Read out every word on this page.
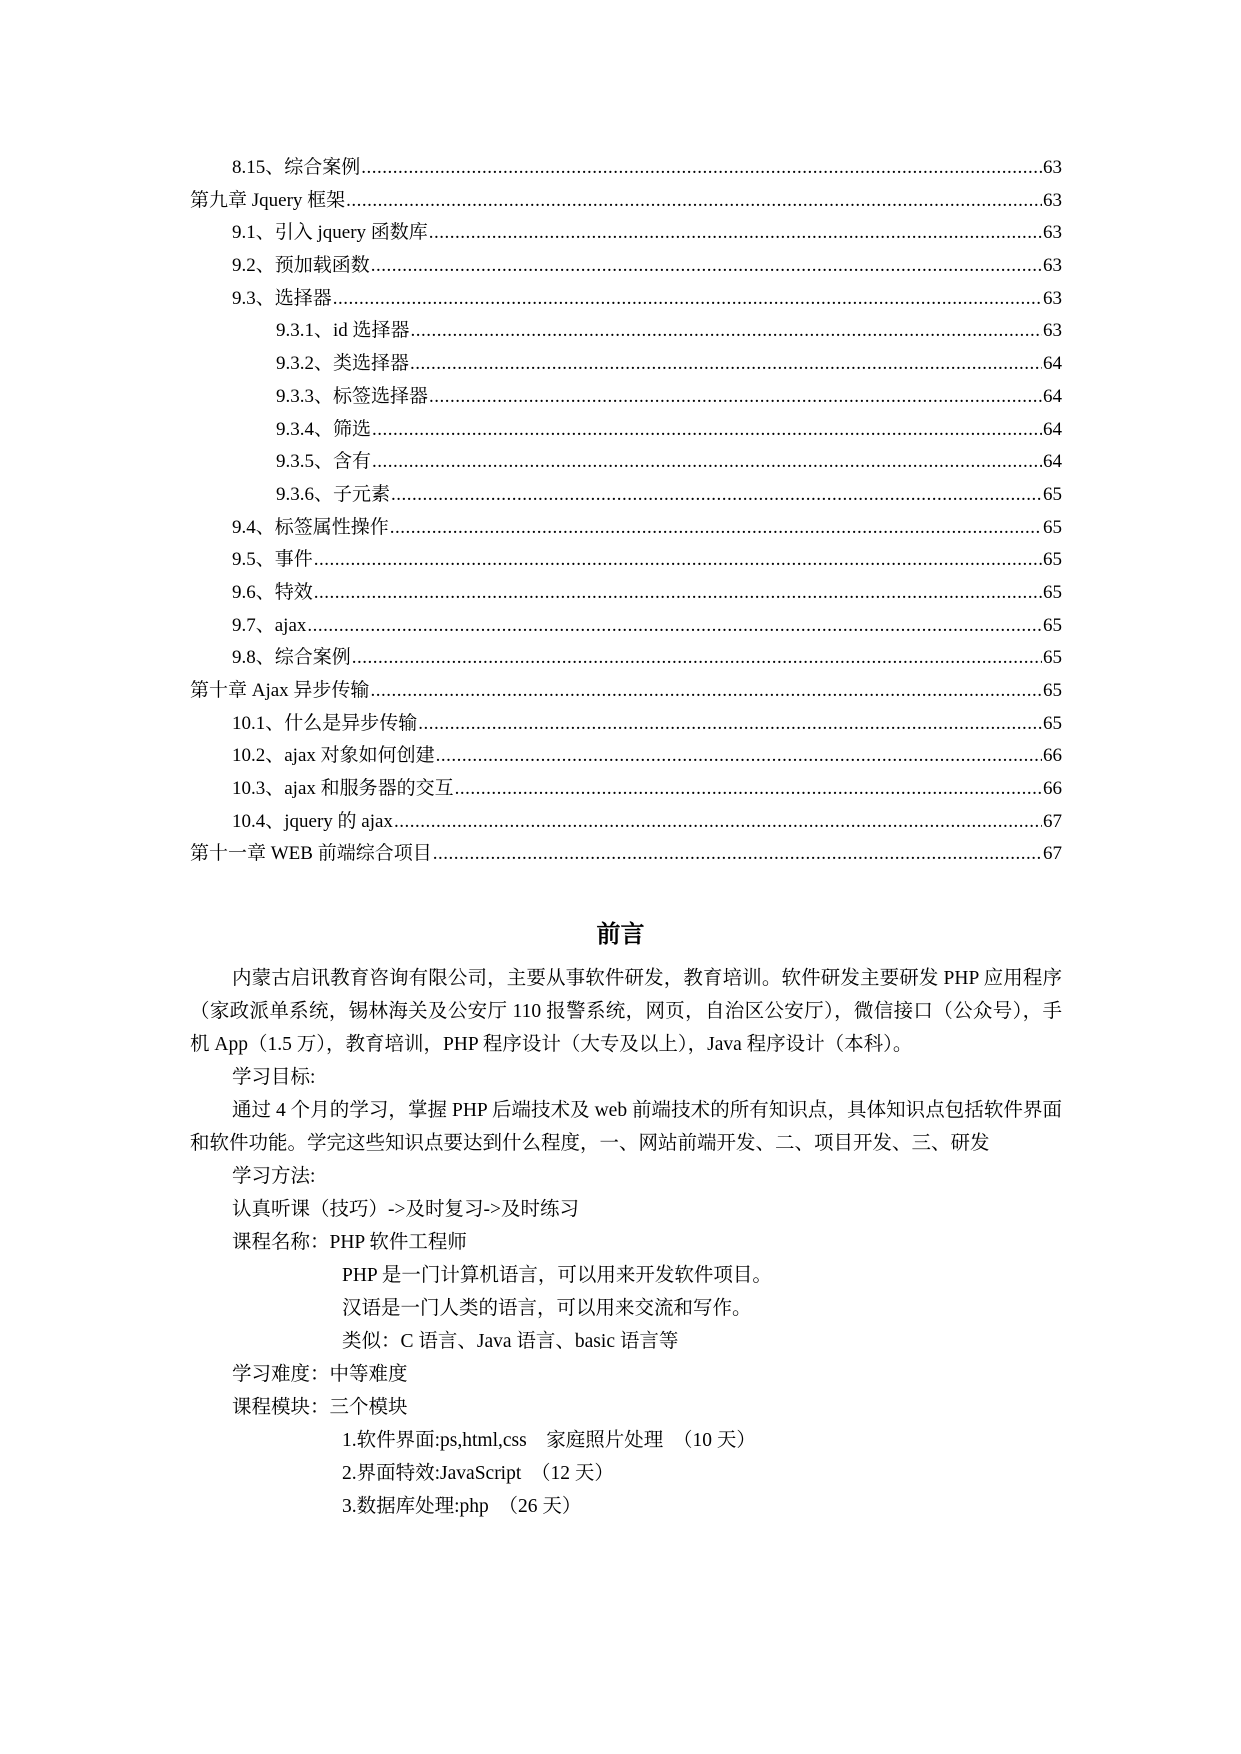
8.15、综合案例 .....	63
第九章 Jquery 框架 .....	63
9.1、引入 jquery 函数库 .....	63
9.2、预加载函数 .....	63
9.3、选择器 .....	63
9.3.1、id 选择器 .....	63
9.3.2、类选择器 .....	64
9.3.3、标签选择器 .....	64
9.3.4、筛选 .....	64
9.3.5、含有 .....	64
9.3.6、子元素 .....	65
9.4、标签属性操作 .....	65
9.5、事件 .....	65
9.6、特效 .....	65
9.7、ajax .....	65
9.8、综合案例 .....	65
第十章 Ajax 异步传输 .....	65
10.1、什么是异步传输 .....	65
10.2、ajax 对象如何创建 .....	66
10.3、ajax 和服务器的交互 .....	66
10.4、jquery 的 ajax .....	67
第十一章 WEB 前端综合项目 .....	67
前言

内蒙古启讯教育咨询有限公司，主要从事软件研发，教育培训。软件研发主要研发 PHP 应用程序（家政派单系统，锡林海关及公安厅 110 报警系统，网页，自治区公安厅），微信接口（公众号），手机 App（1.5 万），教育培训，PHP 程序设计（大专及以上），Java 程序设计（本科）。

学习目标:

通过 4 个月的学习，掌握 PHP 后端技术及 web 前端技术的所有知识点，具体知识点包括软件界面和软件功能。学完这些知识点要达到什么程度，一、网站前端开发、二、项目开发、三、研发

学习方法:
认真听课（技巧）->及时复习->及时练习
课程名称：PHP 软件工程师
PHP 是一门计算机语言，可以用来开发软件项目。
汉语是一门人类的语言，可以用来交流和写作。
类似：C 语言、Java 语言、basic 语言等
学习难度：中等难度
课程模块：三个模块
1.软件界面:ps,html,css    家庭照片处理  （10 天）
2.界面特效:JavaScript  （12 天）
3.数据库处理:php  （26 天）
